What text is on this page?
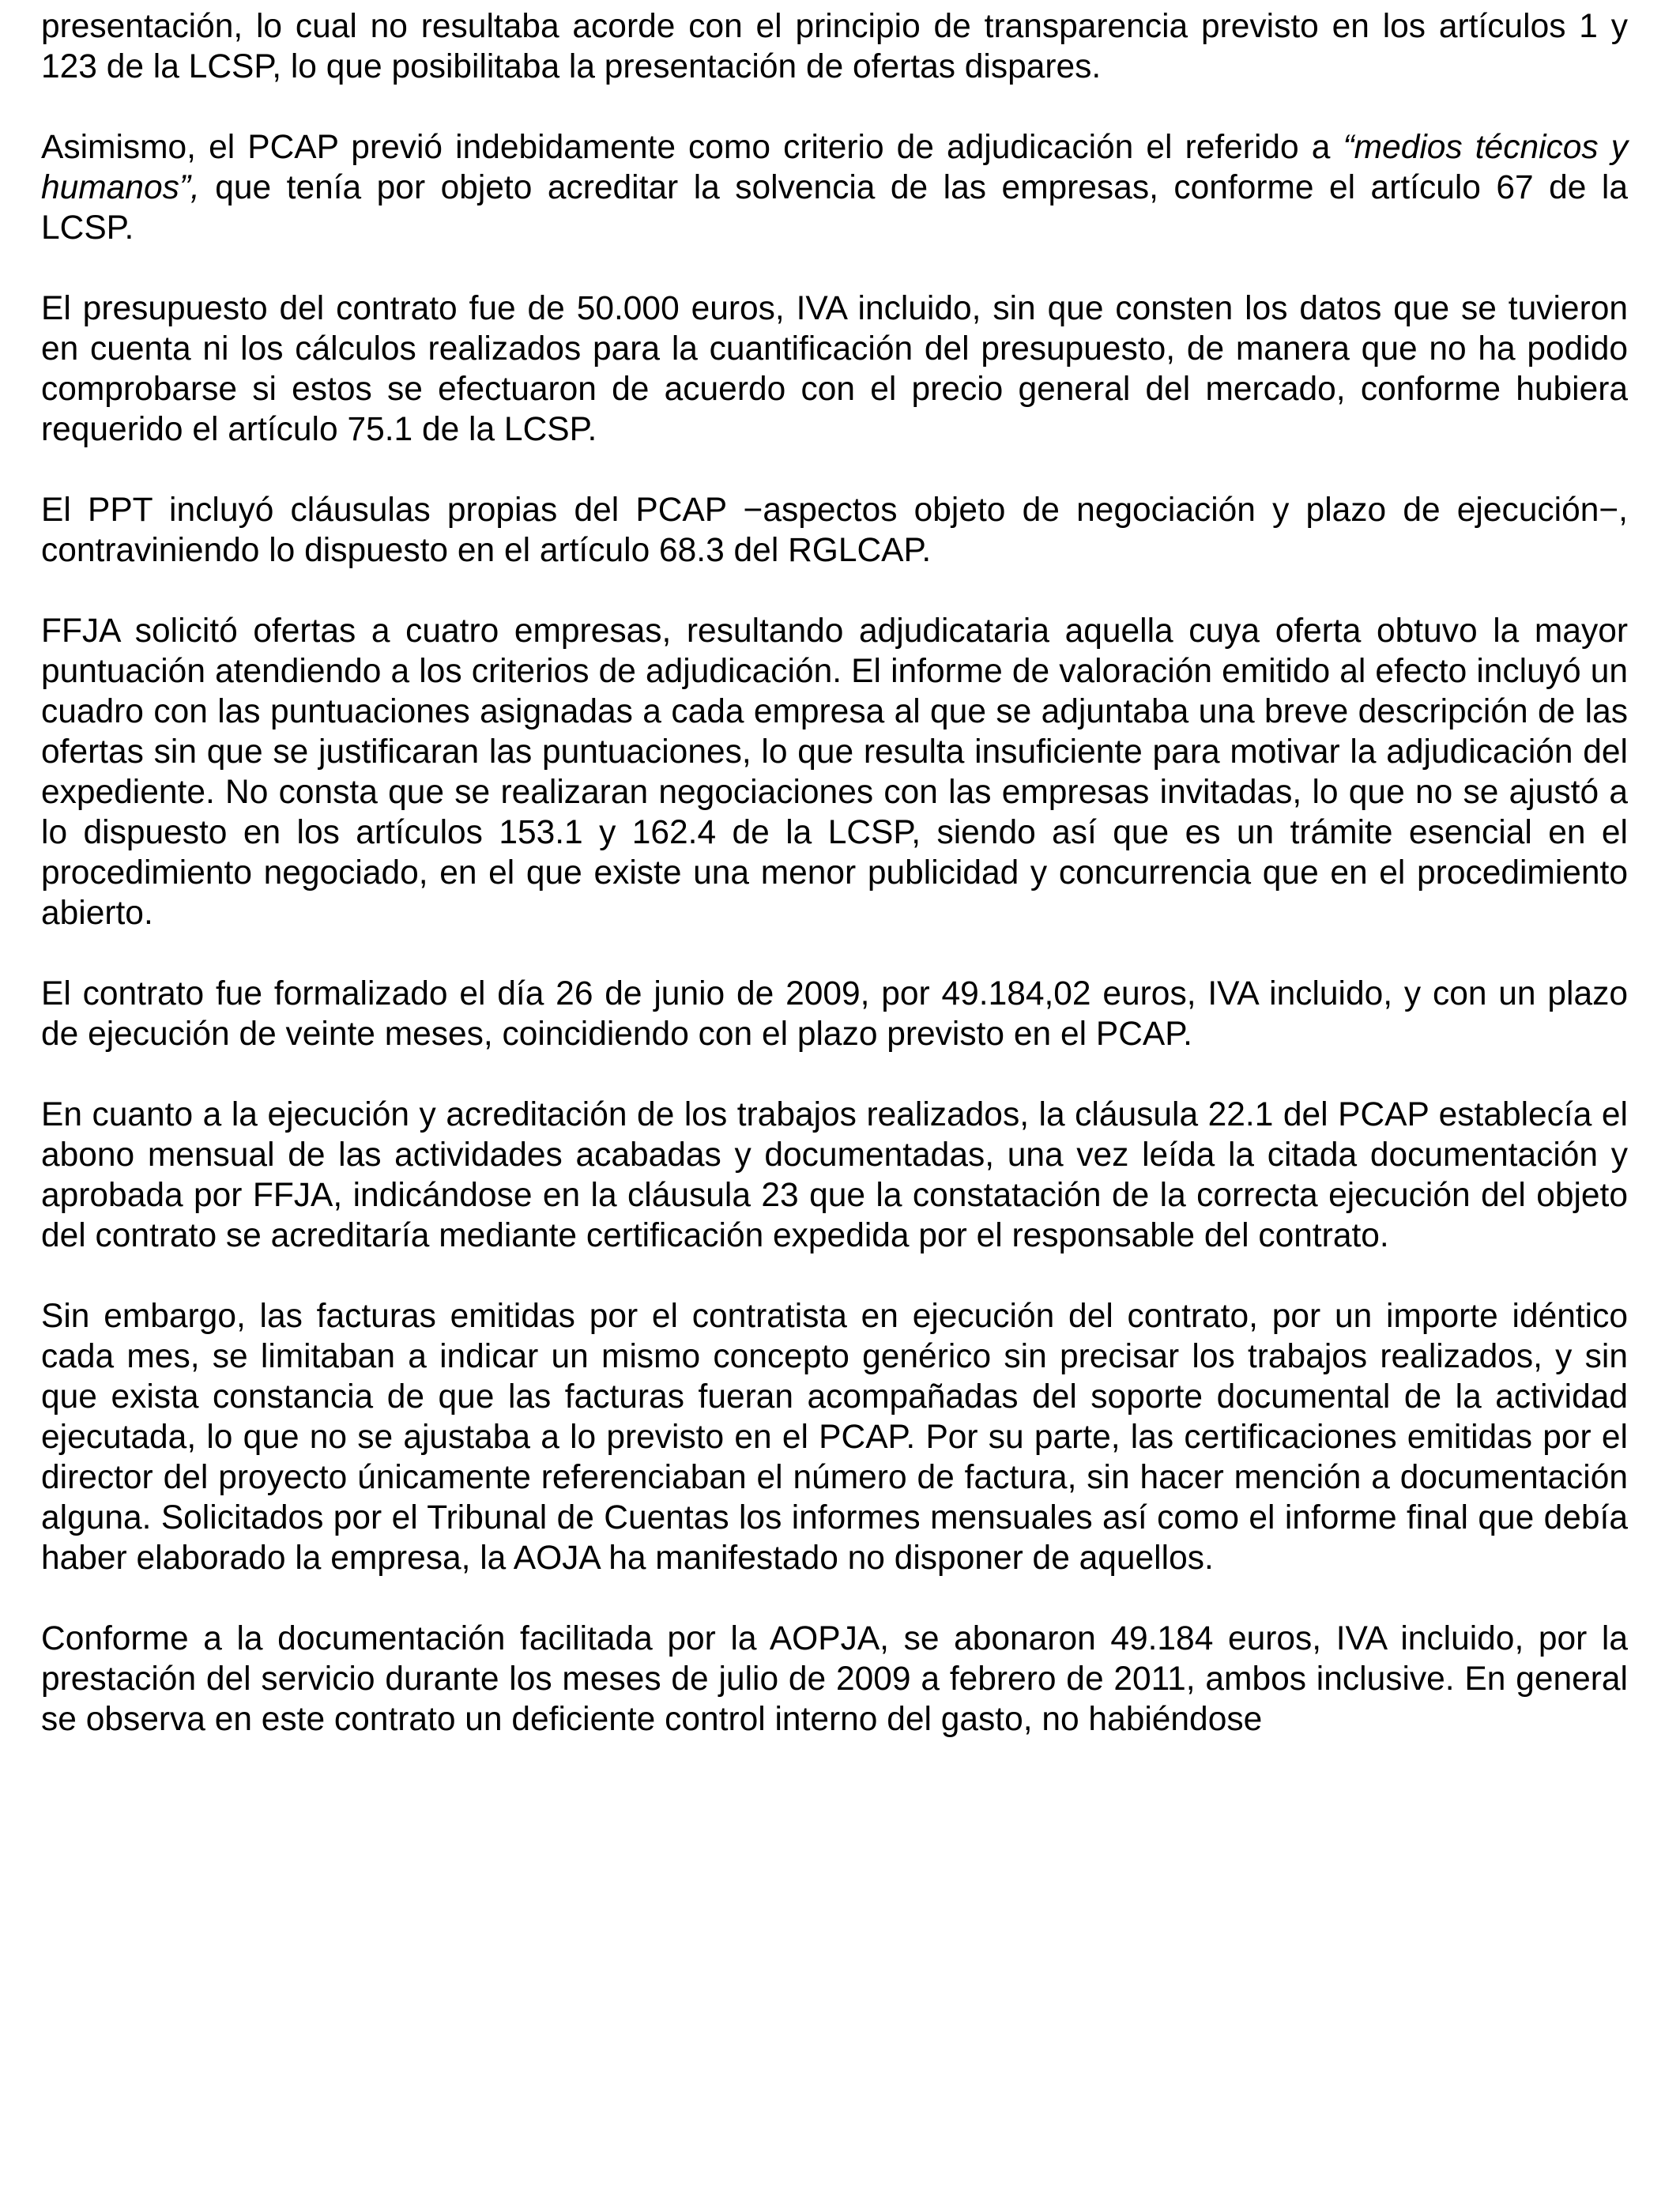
presentación, lo cual no resultaba acorde con el principio de transparencia previsto en los artículos 1 y 123 de la LCSP, lo que posibilitaba la presentación de ofertas dispares.

Asimismo, el PCAP previó indebidamente como criterio de adjudicación el referido a “medios técnicos y humanos”, que tenía por objeto acreditar la solvencia de las empresas, conforme el artículo 67 de la LCSP.

El presupuesto del contrato fue de 50.000 euros, IVA incluido, sin que consten los datos que se tuvieron en cuenta ni los cálculos realizados para la cuantificación del presupuesto, de manera que no ha podido comprobarse si estos se efectuaron de acuerdo con el precio general del mercado, conforme hubiera requerido el artículo 75.1 de la LCSP.

El PPT incluyó cláusulas propias del PCAP −aspectos objeto de negociación y plazo de ejecución−, contraviniendo lo dispuesto en el artículo 68.3 del RGLCAP.

FFJA solicitó ofertas a cuatro empresas, resultando adjudicataria aquella cuya oferta obtuvo la mayor puntuación atendiendo a los criterios de adjudicación. El informe de valoración emitido al efecto incluyó un cuadro con las puntuaciones asignadas a cada empresa al que se adjuntaba una breve descripción de las ofertas sin que se justificaran las puntuaciones, lo que resulta insuficiente para motivar la adjudicación del expediente. No consta que se realizaran negociaciones con las empresas invitadas, lo que no se ajustó a lo dispuesto en los artículos 153.1 y 162.4 de la LCSP, siendo así que es un trámite esencial en el procedimiento negociado, en el que existe una menor publicidad y concurrencia que en el procedimiento abierto.

El contrato fue formalizado el día 26 de junio de 2009, por 49.184,02 euros, IVA incluido, y con un plazo de ejecución de veinte meses, coincidiendo con el plazo previsto en el PCAP.

En cuanto a la ejecución y acreditación de los trabajos realizados, la cláusula 22.1 del PCAP establecía el abono mensual de las actividades acabadas y documentadas, una vez leída la citada documentación y aprobada por FFJA, indicándose en la cláusula 23 que la constatación de la correcta ejecución del objeto del contrato se acreditaría mediante certificación expedida por el responsable del contrato.

Sin embargo, las facturas emitidas por el contratista en ejecución del contrato, por un importe idéntico cada mes, se limitaban a indicar un mismo concepto genérico sin precisar los trabajos realizados, y sin que exista constancia de que las facturas fueran acompañadas del soporte documental de la actividad ejecutada, lo que no se ajustaba a lo previsto en el PCAP. Por su parte, las certificaciones emitidas por el director del proyecto únicamente referenciaban el número de factura, sin hacer mención a documentación alguna. Solicitados por el Tribunal de Cuentas los informes mensuales así como el informe final que debía haber elaborado la empresa, la AOJA ha manifestado no disponer de aquellos.

Conforme a la documentación facilitada por la AOPJA, se abonaron 49.184 euros, IVA incluido, por la prestación del servicio durante los meses de julio de 2009 a febrero de 2011, ambos inclusive. En general se observa en este contrato un deficiente control interno del gasto, no habiéndose
